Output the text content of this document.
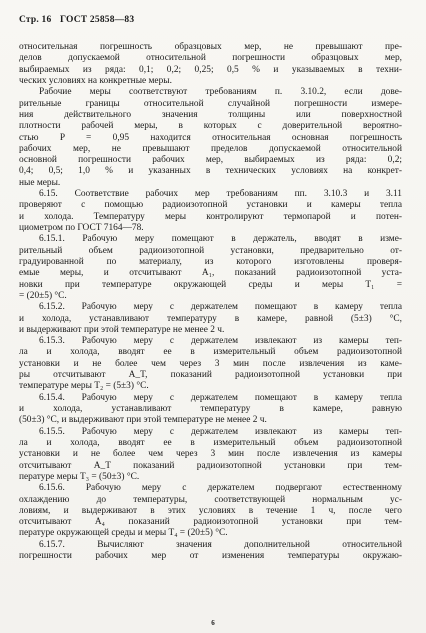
Стр. 16 ГОСТ 25858—83
относительная погрешность образцовых мер, не превышают пре-
делов допускаемой относительной погрешности образцовых мер,
выбираемых из ряда: 0,1; 0,2; 0,25; 0,5 % и указываемых в техни-
ческих условиях на конкретные меры.
Рабочие меры соответствуют требованиям п. 3.10.2, если дове-
рительные границы относительной случайной погрешности измере-
ния действительного значения толщины или поверхностной
плотности рабочей меры, в которых с доверительной вероятно-
стью P = 0,95 находится относительная основная погрешность
рабочих мер, не превышают пределов допускаемой относительной
основной погрешности рабочих мер, выбираемых из ряда: 0,2;
0,4; 0,5; 1,0 % и указанных в технических условиях на конкрет-
ные меры.
6.15. Соответствие рабочих мер требованиям пп. 3.10.3 и 3.11
проверяют с помощью радиоизотопной установки и камеры тепла
и холода. Температуру меры контролируют термопарой и потен-
циометром по ГОСТ 7164—78.
6.15.1. Рабочую меру помещают в держатель, вводят в изме-
рительный объем радиоизотопной установки, предварительно от-
градуированной по материалу, из которого изготовлены проверя-
емые меры, и отсчитывают A₁, показаний радиоизотопной уста-
новки при температуре окружающей среды и меры T₁ =
= (20±5) °С.
6.15.2. Рабочую меру с держателем помещают в камеру тепла
и холода, устанавливают температуру в камере, равной (5±3) °С,
и выдерживают при этой температуре не менее 2 ч.
6.15.3. Рабочую меру с держателем извлекают из камеры теп-
ла и холода, вводят ее в измерительный объем радиоизотопной
установки и не более чем через 3 мин после извлечения из каме-
ры отсчитывают A_T, показаний радиоизотопной установки при
температуре меры T₂ = (5±3) °С.
6.15.4. Рабочую меру с держателем помещают в камеру тепла
и холода, устанавливают температуру в камере, равную
(50±3) °С, и выдерживают при этой температуре не менее 2 ч.
6.15.5. Рабочую меру с держателем извлекают из камеры теп-
ла и холода, вводят ее в измерительный объем радиоизотопной
установки и не более чем через 3 мин после извлечения из камеры
отсчитывают A_T показаний радиоизотопной установки при тем-
пературе меры T₃ = (50±3) °С.
6.15.6. Рабочую меру с держателем подвергают естественному
охлаждению до температуры, соответствующей нормальным ус-
ловиям, и выдерживают в этих условиях в течение 1 ч, после чего
отсчитывают A₄ показаний радиоизотопной установки при тем-
пературе окружающей среды и меры T₄ = (20±5) °С.
6.15.7. Вычисляют значения дополнительной относительной
погрешности рабочих мер от изменения температуры окружаю-
6
